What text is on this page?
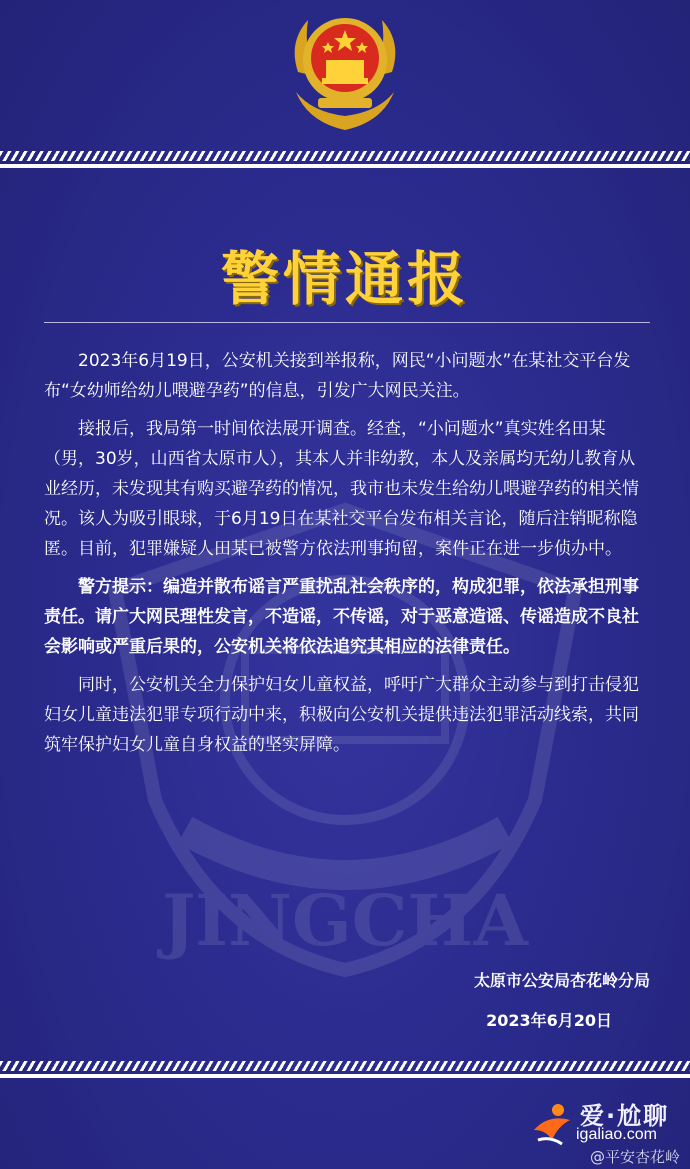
JINGCHA
警情通报

2023年6月19日，公安机关接到举报称，网民“小问题水”在某社交平台发布“女幼师给幼儿喂避孕药”的信息，引发广大网民关注。

接报后，我局第一时间依法展开调查。经查，“小问题水”真实姓名田某（男，30岁，山西省太原市人），其本人并非幼教，本人及亲属均无幼儿教育从业经历，未发现其有购买避孕药的情况，我市也未发生给幼儿喂避孕药的相关情况。该人为吸引眼球，于6月19日在某社交平台发布相关言论，随后注销昵称隐匿。目前，犯罪嫌疑人田某已被警方依法刑事拘留，案件正在进一步侦办中。

警方提示：编造并散布谣言严重扰乱社会秩序的，构成犯罪，依法承担刑事责任。请广大网民理性发言，不造谣，不传谣，对于恶意造谣、传谣造成不良社会影响或严重后果的，公安机关将依法追究其相应的法律责任。

同时，公安机关全力保护妇女儿童权益，呼吁广大群众主动参与到打击侵犯妇女儿童违法犯罪专项行动中来，积极向公安机关提供违法犯罪活动线索，共同筑牢保护妇女儿童自身权益的坚实屏障。

太原市公安局杏花岭分局
2023年6月20日
爱·尬聊
igaliao.com
@平安杏花岭
